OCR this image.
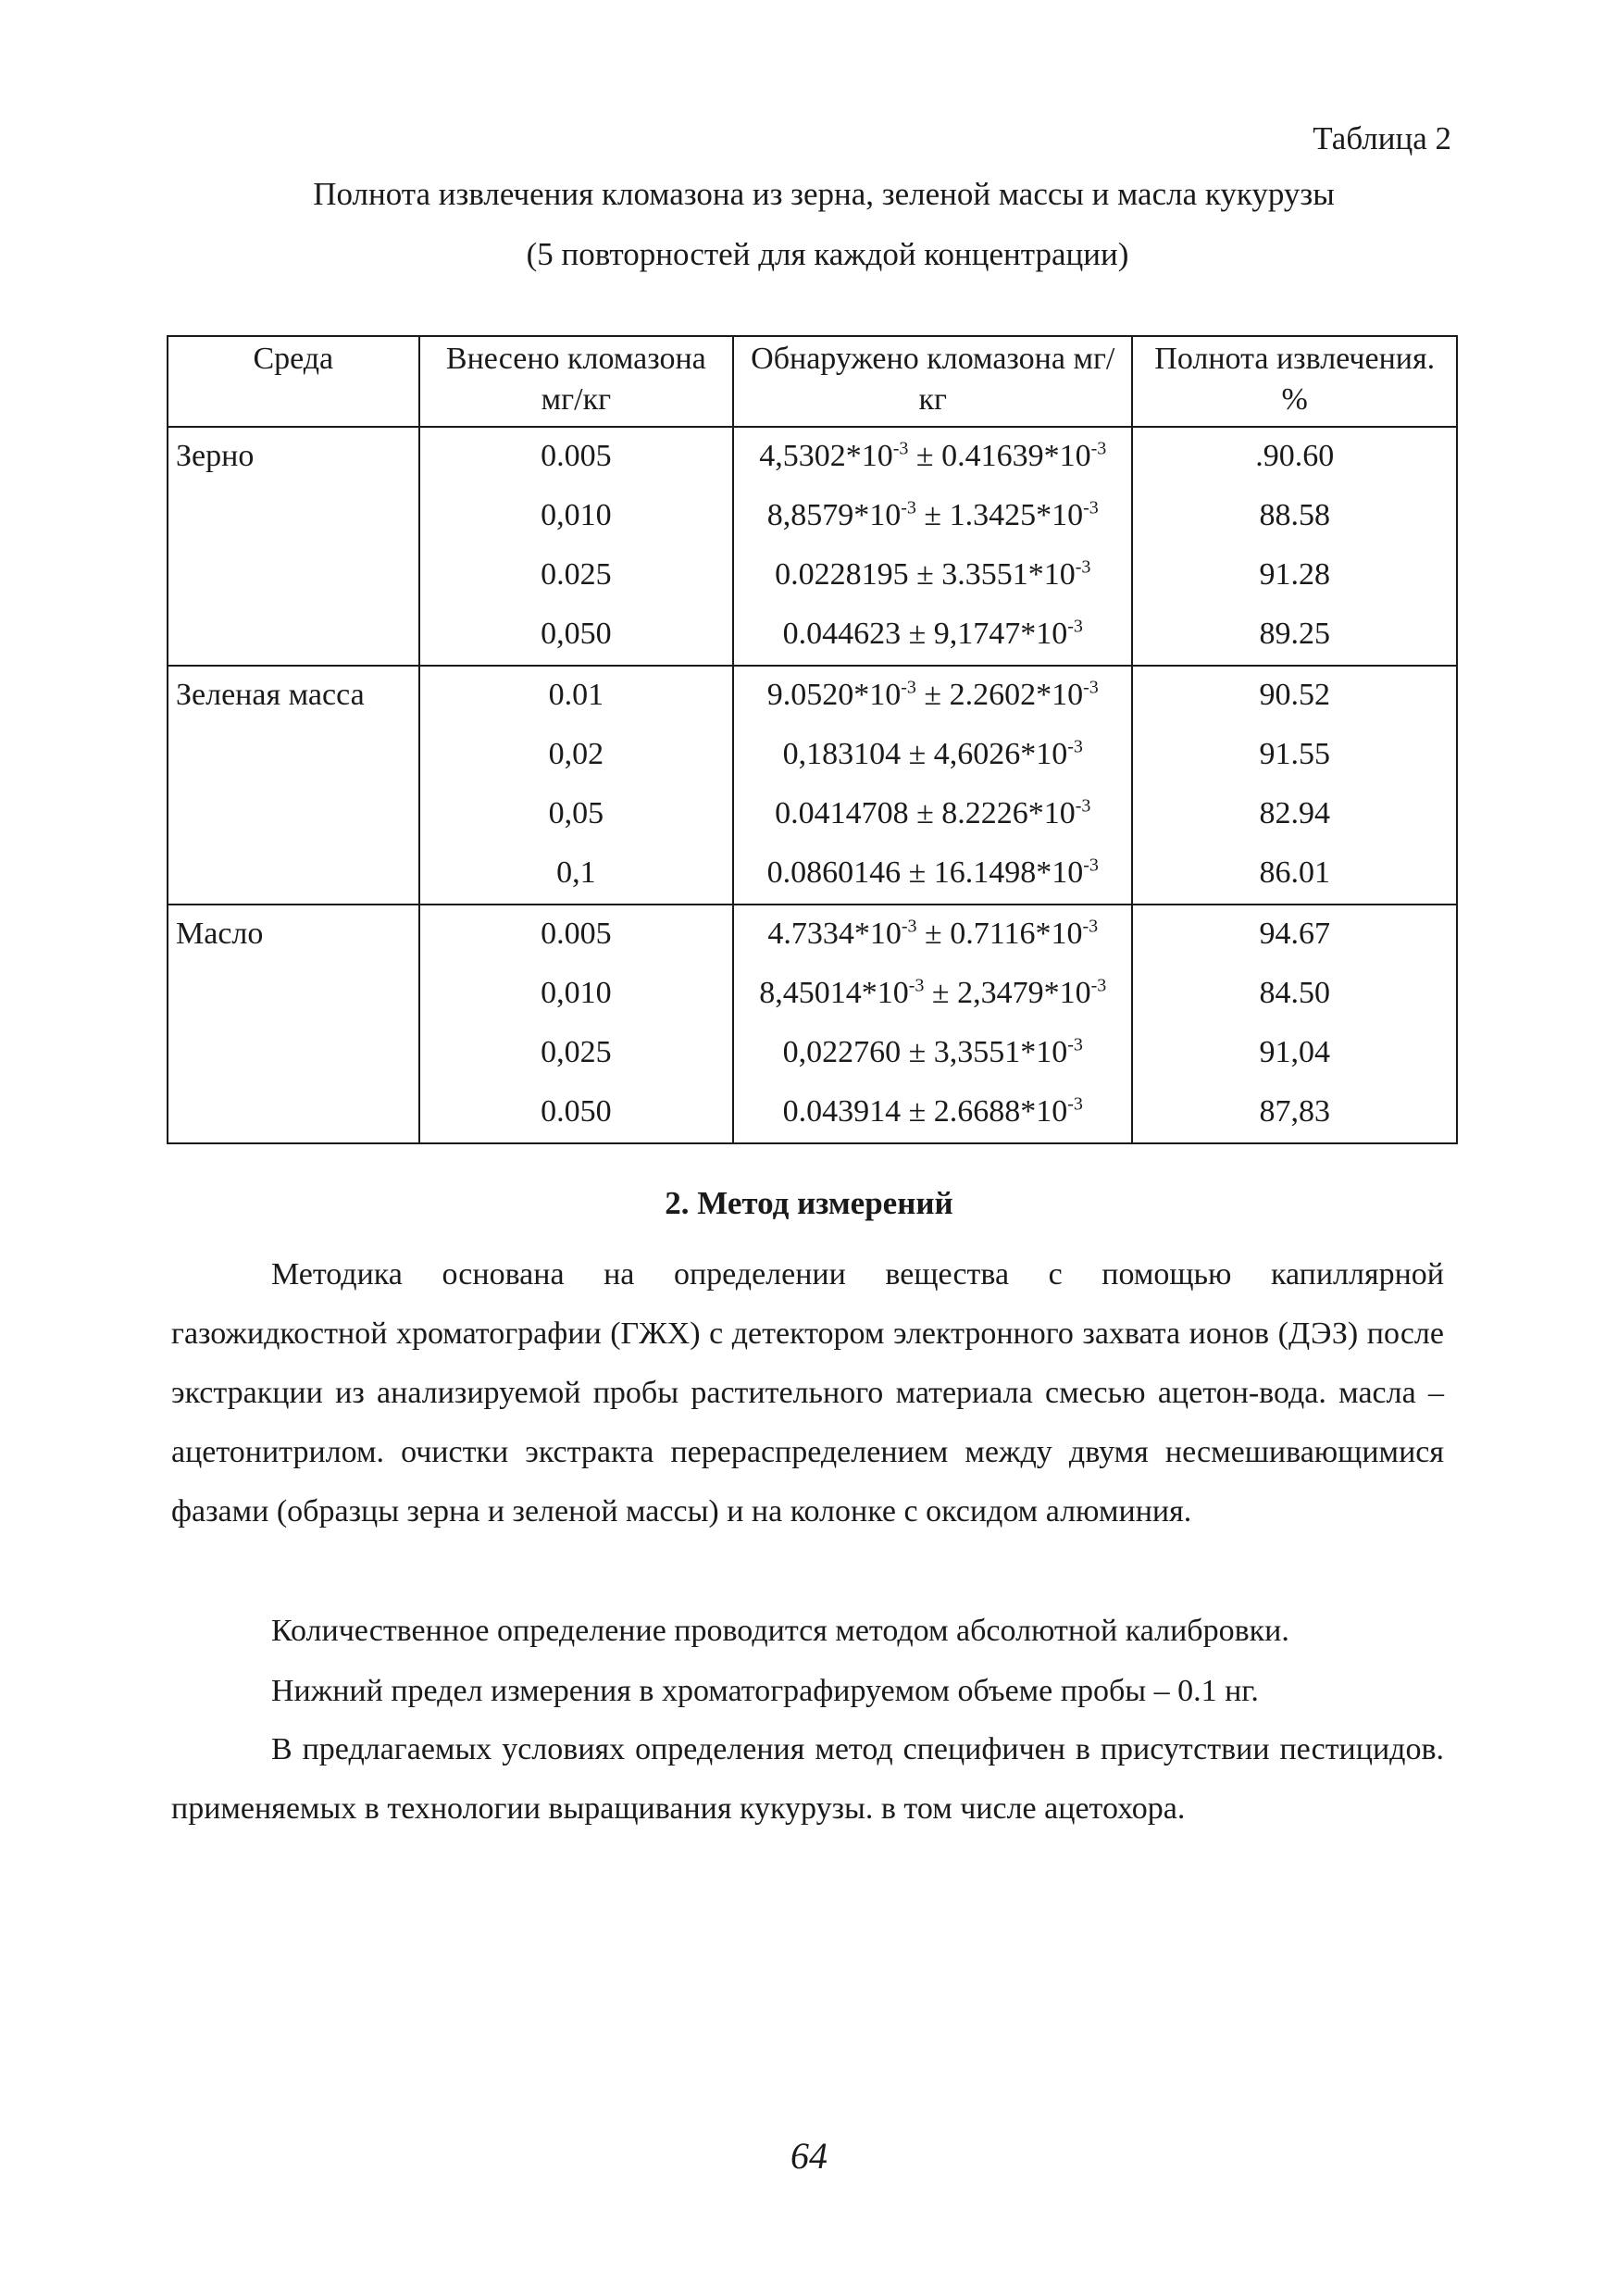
Таблица 2
Полнота извлечения кломазона из зерна, зеленой массы и масла кукурузы
(5 повторностей для каждой концентрации)
Среда	Внесено кломазона мг/кг	Обнаружено кломазона мг/кг	Полнота извлечения. %
Зерно	0.005	$4,5302*10^{-3} \pm 0.41639*10^{-3}$	.90.60
	0,010	$8,8579*10^{-3} \pm 1.3425*10^{-3}$	88.58
	0.025	$0.0228195 \pm 3.3551*10^{-3}$	91.28
	0,050	$0.044623 \pm 9,1747*10^{-3}$	89.25
Зеленая масса	0.01	$9.0520*10^{-3} \pm 2.2602*10^{-3}$	90.52
	0,02	$0,183104 \pm 4,6026*10^{-3}$	91.55
	0,05	$0.0414708 \pm 8.2226*10^{-3}$	82.94
	0,1	$0.0860146 \pm 16.1498*10^{-3}$	86.01
Масло	0.005	$4.7334*10^{-3} \pm 0.7116*10^{-3}$	94.67
	0,010	$8,45014*10^{-3} \pm 2,3479*10^{-3}$	84.50
	0,025	$0,022760 \pm 3,3551*10^{-3}$	91,04
	0.050	$0.043914 \pm 2.6688*10^{-3}$	87,83
2. Метод измерений
Методика основана на определении вещества с помощью капиллярной газожидкостной хроматографии (ГЖХ) с детектором электронного захвата ионов (ДЭЗ) после экстракции из анализируемой пробы растительного материала смесью ацетон-вода. масла – ацетонитрилом. очистки экстракта перераспределением между двумя несмешивающимися фазами (образцы зерна и зеленой массы) и на колонке с оксидом алюминия.
Количественное определение проводится методом абсолютной калибровки.
Нижний предел измерения в хроматографируемом объеме пробы – 0.1 нг.
В предлагаемых условиях определения метод специфичен в присутствии пестицидов. применяемых в технологии выращивания кукурузы. в том числе ацетохора.
64
